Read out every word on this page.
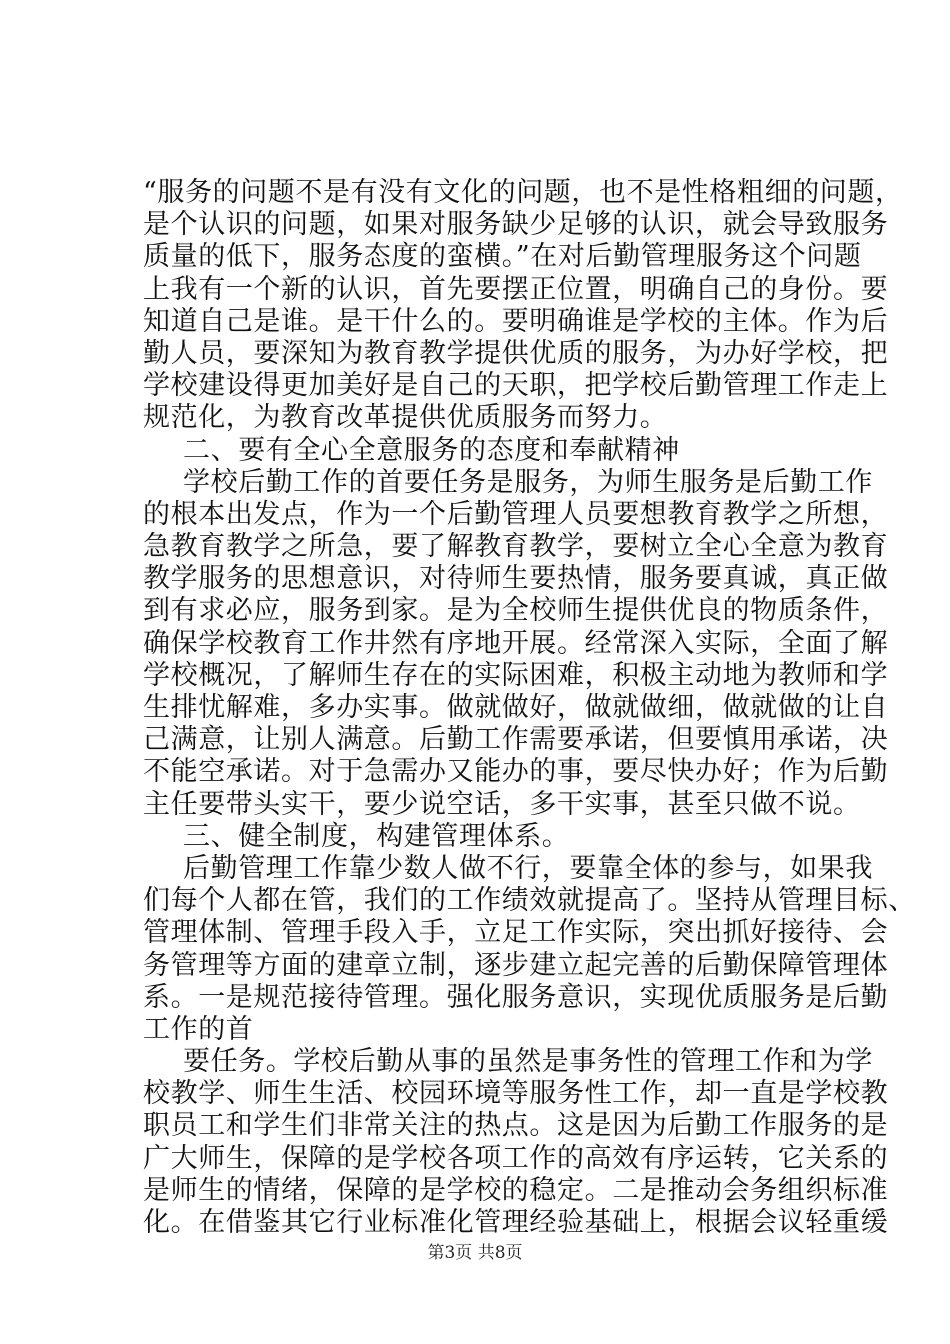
“服务的问题不是有没有文化的问题，也不是性格粗细的问题，
是个认识的问题，如果对服务缺少足够的认识，就会导致服务
质量的低下，服务态度的蛮横。”在对后勤管理服务这个问题
上我有一个新的认识，首先要摆正位置，明确自己的身份。要
知道自己是谁。是干什么的。要明确谁是学校的主体。作为后
勤人员，要深知为教育教学提供优质的服务，为办好学校，把
学校建设得更加美好是自己的天职，把学校后勤管理工作走上
规范化，为教育改革提供优质服务而努力。
二、要有全心全意服务的态度和奉献精神
学校后勤工作的首要任务是服务，为师生服务是后勤工作
的根本出发点，作为一个后勤管理人员要想教育教学之所想，
急教育教学之所急，要了解教育教学，要树立全心全意为教育
教学服务的思想意识，对待师生要热情，服务要真诚，真正做
到有求必应，服务到家。是为全校师生提供优良的物质条件，
确保学校教育工作井然有序地开展。经常深入实际，全面了解
学校概况，了解师生存在的实际困难，积极主动地为教师和学
生排忧解难，多办实事。做就做好，做就做细，做就做的让自
己满意，让别人满意。后勤工作需要承诺，但要慎用承诺，决
不能空承诺。对于急需办又能办的事，要尽快办好；作为后勤
主任要带头实干，要少说空话，多干实事，甚至只做不说。
三、健全制度，构建管理体系。
后勤管理工作靠少数人做不行，要靠全体的参与，如果我
们每个人都在管，我们的工作绩效就提高了。坚持从管理目标、
管理体制、管理手段入手，立足工作实际，突出抓好接待、会
务管理等方面的建章立制，逐步建立起完善的后勤保障管理体
系。一是规范接待管理。强化服务意识，实现优质服务是后勤
工作的首
要任务。学校后勤从事的虽然是事务性的管理工作和为学
校教学、师生生活、校园环境等服务性工作，却一直是学校教
职员工和学生们非常关注的热点。这是因为后勤工作服务的是
广大师生，保障的是学校各项工作的高效有序运转，它关系的
是师生的情绪，保障的是学校的稳定。二是推动会务组织标准
化。在借鉴其它行业标准化管理经验基础上，根据会议轻重缓
第3页 共8页
